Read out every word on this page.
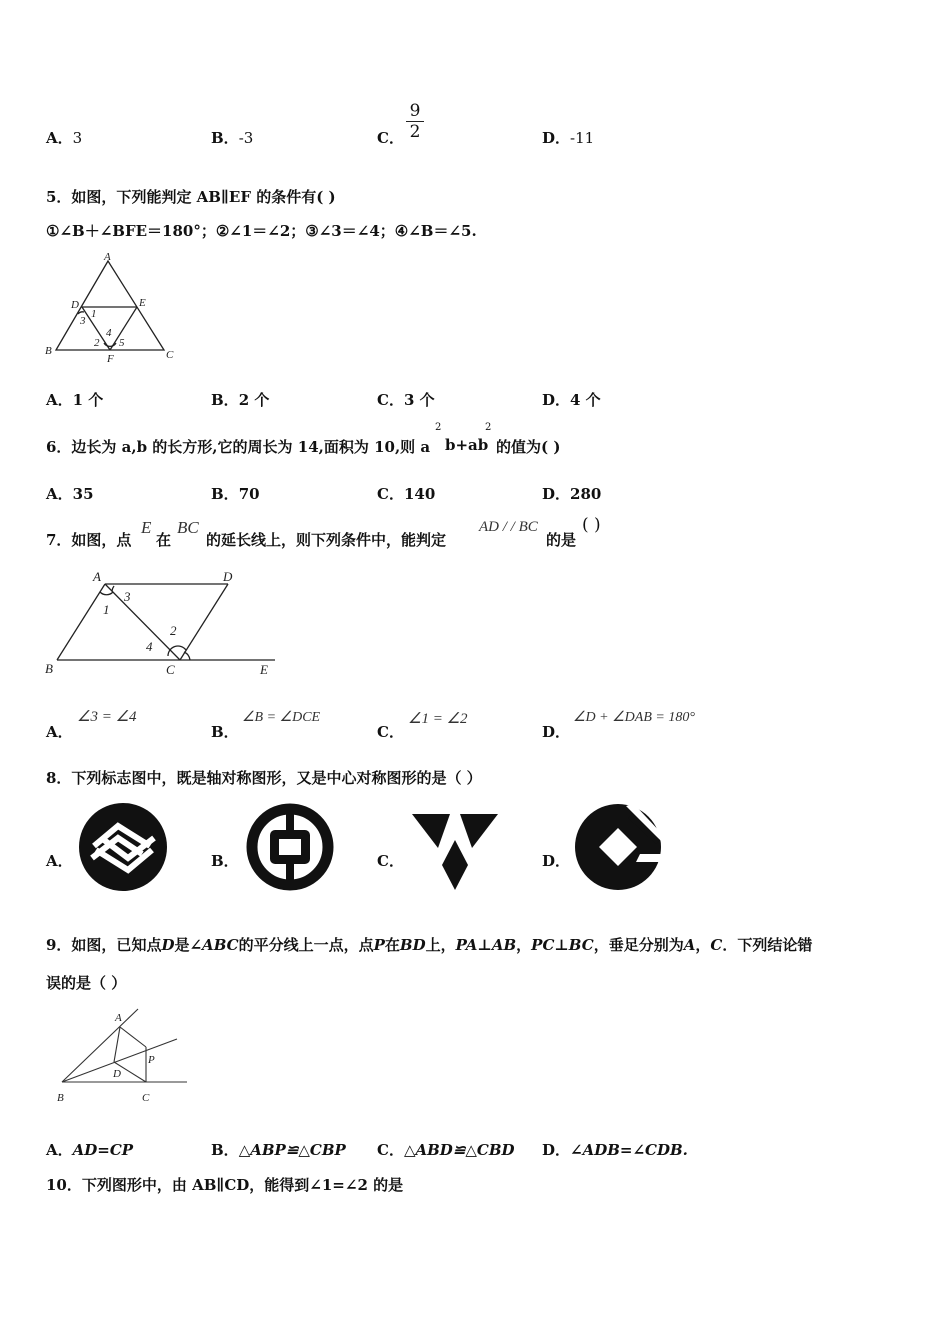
A．3	B．-3	C．
9
2	D．-11
5．如图，下列能判定 AB∥EF 的条件有( )
①∠B＋∠BFE＝180°；②∠1＝∠2；③∠3＝∠4；④∠B＝∠5.
A
B	C
D	E
F
1
2
3
4
5
A．1 个	B．2 个	C．3 个	D．4 个
6．边长为 a,b 的长方形,它的周长为 14,面积为 10,则 a
2
b+ab
2
的值为( )
A．35	B．70	C．140	D．280
7．如图，点
E
在
BC
的延长线上，则下列条件中，能判定
AD / / BC
的是
( )
A	D
B	C	E
1
2
3
4
A．
∠3 = ∠4
B．
∠B = ∠DCE
C．
∠1 = ∠2
D．
∠D + ∠DAB = 180°
8．下列标志图中，既是轴对称图形，又是中心对称图形的是（ ）
A．	B．	C．	D．
9．如图，已知点D是∠ABC的平分线上一点，点P在BD上，PA⊥AB，PC⊥BC，垂足分别为A，C．下列结论错
误的是（ ）
A
B	C
D
P
A．AD=CP	B．△ABP≌△CBP C．△ABD≌△CBD D．∠ADB=∠CDB.
10．下列图形中，由 AB∥CD，能得到∠1=∠2 的是
